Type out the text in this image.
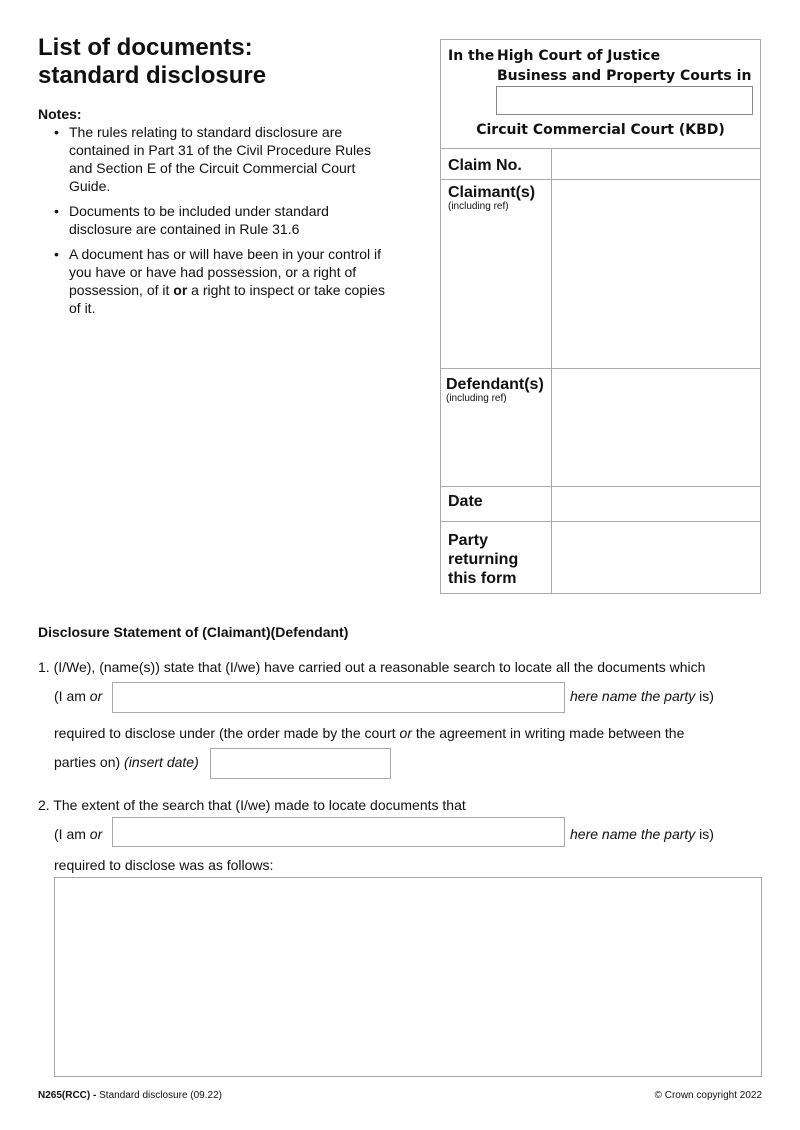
List of documents:
standard disclosure
Notes:
• The rules relating to standard disclosure are contained in Part 31 of the Civil Procedure Rules and Section E of the Circuit Commercial Court Guide.
• Documents to be included under standard disclosure are contained in Rule 31.6
• A document has or will have been in your control if you have or have had possession, or a right of possession, of it or a right to inspect or take copies of it.
In the High Court of Justice
Business and Property Courts in
Circuit Commercial Court (KBD)
Claim No.
Claimant(s)
(including ref)
Defendant(s)
(including ref)
Date
Party
returning
this form
Disclosure Statement of (Claimant)(Defendant)
1. (I/We), (name(s)) state that (I/we) have carried out a reasonable search to locate all the documents which
(I am or	here name the party is)
required to disclose under (the order made by the court or the agreement in writing made between the
parties on) (insert date)
2. The extent of the search that (I/we) made to locate documents that
(I am or	here name the party is)
required to disclose was as follows:
N265(RCC) - Standard disclosure (09.22)	© Crown copyright 2022
